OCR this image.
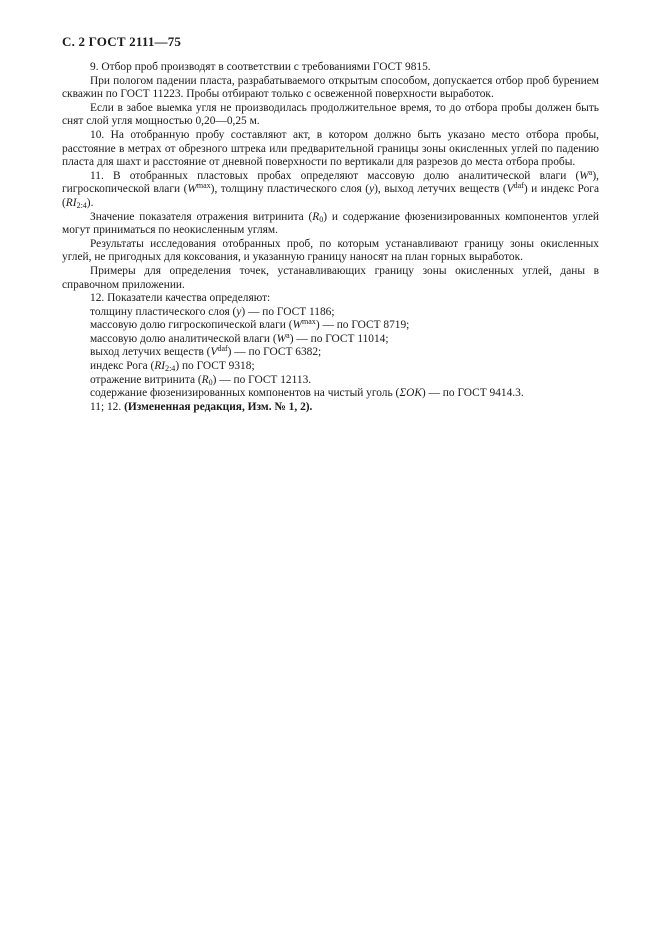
С. 2 ГОСТ 2111—75

9. Отбор проб производят в соответствии с требованиями ГОСТ 9815.

При пологом падении пласта, разрабатываемого открытым способом, допускается отбор проб бурением скважин по ГОСТ 11223. Пробы отбирают только с освеженной поверхности выработок.

Если в забое выемка угля не производилась продолжительное время, то до отбора пробы должен быть снят слой угля мощностью 0,20—0,25 м.

10. На отобранную пробу составляют акт, в котором должно быть указано место отбора пробы, расстояние в метрах от обрезного штрека или предварительной границы зоны окисленных углей по падению пласта для шахт и расстояние от дневной поверхности по вертикали для разрезов до места отбора пробы.

11. В отобранных пластовых пробах определяют массовую долю аналитической влаги $(W^a)$, гигроскопической влаги $(W^{max})$, толщину пластического слоя (y), выход летучих веществ $(V^{daf})$ и индекс Рога $(RI_{2:4})$.

Значение показателя отражения витринита $(R_0)$ и содержание фюзенизированных компонентов углей могут приниматься по неокисленным углям.

Результаты исследования отобранных проб, по которым устанавливают границу зоны окисленных углей, не пригодных для коксования, и указанную границу наносят на план горных выработок.

Примеры для определения точек, устанавливающих границу зоны окисленных углей, даны в справочном приложении.

12. Показатели качества определяют:

толщину пластического слоя (y) — по ГОСТ 1186;

массовую долю гигроскопической влаги $(W^{max})$ — по ГОСТ 8719;

массовую долю аналитической влаги $(W^a)$ — по ГОСТ 11014;

выход летучих веществ $(V^{daf})$ — по ГОСТ 6382;

индекс Рога $(RI_{2:4})$ по ГОСТ 9318;

отражение витринита $(R_0)$ — по ГОСТ 12113.

содержание фюзенизированных компонентов на чистый уголь (ΣOK) — по ГОСТ 9414.3.

11; 12. (Измененная редакция, Изм. № 1, 2).
